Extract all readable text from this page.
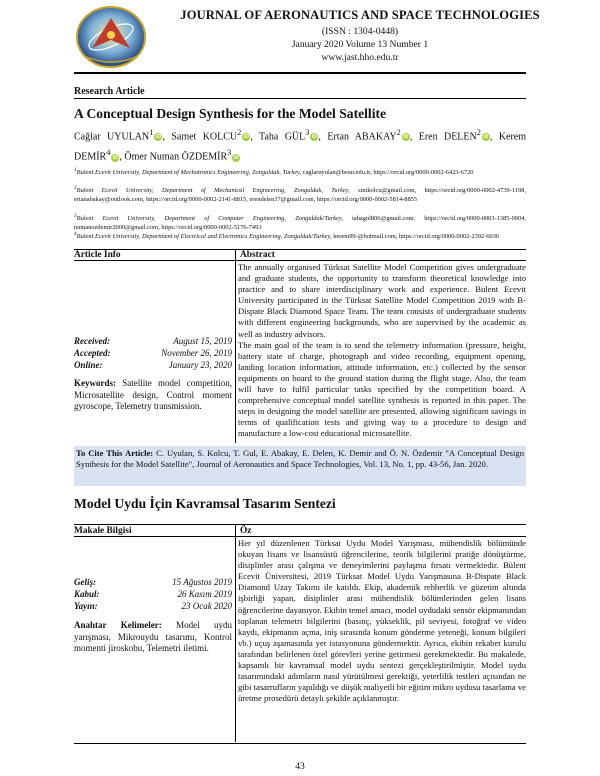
JOURNAL OF AERONAUTICS AND SPACE TECHNOLOGIES
(ISSN : 1304-0448)
January 2020 Volume 13 Number 1
www.jast.hho.edu.tr
Research Article
A Conceptual Design Synthesis for the Model Satellite
Cağlar UYULAN$^1$iD , Samet KOLCU$^2$iD , Taha GÜL$^3$iD , Ertan ABAKAY$^2$iD , Eren DELEN$^2$iD , Kerem DEMİR$^4$iD , Ömer Numan ÖZDEMİR$^3$iD
$^1$Bulent Ecevit University, Department of Mechatronics Engineering, Zonguldak, Turkey, caglaruyulan@beun.edu.tr, https://orcid.org/0000-0002-6423-6720
$^2$Bulent Ecevit University, Department of Mechanical Engineering, Zonguldak, Turkey, smtkolcu@gmail.com, https://orcid.org/0000-0002-4739-1198, ertanabakay@outlook.com, https://orcid.org/0000-0002-2141-8815, erendelen37@gmail.com, https://orcid.org/0000-0002-5814-8855
$^3$Bulent Ecevit University, Department of Computer Engineering, Zonguldak/Turkey, tahagul806@gmail.com, https://orcid.org/0000-0003-1385-0904, numanozdemir2000@gmail.com, https://orcid.org/0000-0002-5176-7493
$^4$Bulent Ecevit University, Department of Electrical and Electronics Engineering, Zonguldak/Turkey, kerem99-@hotmail.com, https://orcid.org/0000-0002-2392-6036
Article Info	Abstract
The annually organised Türksat Satellite Model Competition gives undergraduate and graduate students, the opportunity to transform theoretical knowledge into practice and to share interdisciplinary work and experience. Bulent Ecevit University participated in the Türksat Satellite Model Competition 2019 with B-Dispate Black Diamond Space Team. The team consists of undergraduate students with different engineering backgrounds, who are supervised by the academic as well as industry advisors.
The main goal of the team is to send the telemetry information (pressure, height, battery state of charge, photograph and video recording, equipment opening, landing location information, attitude information, etc.) collected by the sensor equipments on board to the ground station during the flight stage. Also, the team will have to fulfil particular tasks specified by the competition board. A comprehensive conceptual model satellite synthesis is reported in this paper. The steps in designing the model satellite are presented, allowing significant savings in terms of qualification tests and giving way to a procedure to design and manufacture a low-cost educational microsatellite.
Received:	August 15, 2019
Accepted:	November 26, 2019
Online:	January 23, 2020
Keywords: Satellite model competition, Microsatellite design, Control moment gyroscope, Telemetry transmission.
To Cite This Article: C. Uyulan, S. Kolcu, T. Gul, E. Abakay, E. Delen, K. Demir and Ö. N. Özdemir "A Conceptual Design Synthesis for the Model Satellite", Journal of Aeronautics and Space Technologies, Vol. 13, No. 1, pp. 43-56, Jan. 2020.
Model Uydu İçin Kavramsal Tasarım Sentezi
Makale Bilgisi	Öz
Her yıl düzenlenen Türksat Uydu Model Yarışması, mühendislik bölümünde okuyan lisans ve lisansüstü öğrencilerine, teorik bilgilerini pratiğe dönüştürme, disiplinler arası çalışma ve deneyimlerini paylaşma fırsatı vermektedir. Bülent Ecevit Üniversitesi, 2019 Türksat Model Uydu Yarışmasına B-Dispate Black Diamond Uzay Takımı ile katıldı. Ekip, akademik rehberlik ve gözetim altında işbirliği yapan, disiplinler arası mühendislik bölümlerinden gelen lisans öğrencilerine dayanıyor. Ekibin temel amacı, model uydudaki sensör ekipmanından toplanan telemetri bilgilerini (basınç, yükseklik, pil seviyesi, fotoğraf ve video kaydı, ekipmanın açma, iniş sırasında konum gönderme yeteneği, konum bilgileri vb.) uçuş aşamasında yer istasyonuna göndermektir. Ayrıca, ekibin rekabet kurulu tarafından belirlenen özel görevleri yerine getirmesi gerekmektedir. Bu makalede, kapsamlı bir kavramsal model uydu sentezi gerçekleştirilmiştir. Model uydu tasarımındaki adımların nasıl yürütülmesi gerektiği, yeterlilik testleri açısından ne gibi tasarrufların yapıldığı ve düşük maliyetli bir eğitim mikro uydusu tasarlama ve üretme prosedürü detaylı şekilde açıklanmıştır.
Geliş:	15 Ağustos 2019
Kabul:	26 Kasım 2019
Yayın:	23 Ocak 2020
Anahtar Kelimeler: Model uydu yarışması, Mikrouydu tasarımı, Kontrol momenti jiroskobu, Telemetri iletimi.
43
